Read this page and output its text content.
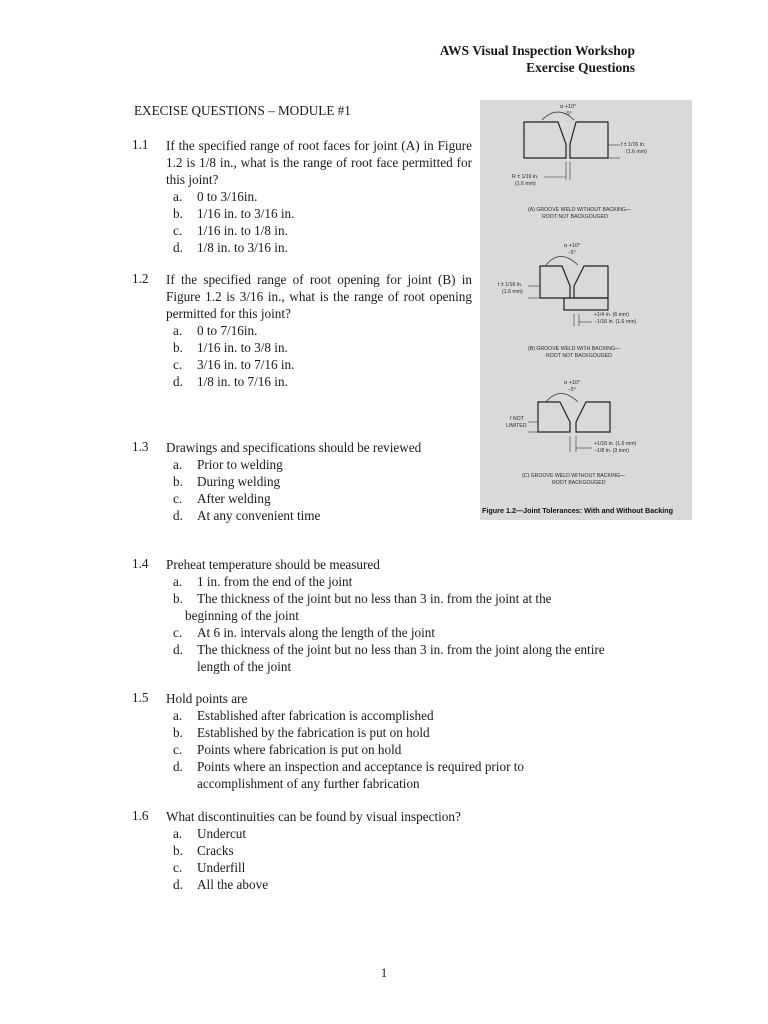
AWS Visual Inspection Workshop
Exercise Questions
EXECISE QUESTIONS – MODULE #1
1.1 If the specified range of root faces for joint (A) in Figure 1.2 is 1/8 in., what is the range of root face permitted for this joint?
a. 0 to 3/16in.
b. 1/16 in. to 3/16 in.
c. 1/16 in. to 1/8 in.
d. 1/8 in. to 3/16 in.
1.2 If the specified range of root opening for joint (B) in Figure 1.2 is 3/16 in., what is the range of root opening permitted for this joint?
a. 0 to 7/16in.
b. 1/16 in. to 3/8 in.
c. 3/16 in. to 7/16 in.
d. 1/8 in. to 7/16 in.
1.3 Drawings and specifications should be reviewed
a. Prior to welding
b. During welding
c. After welding
d. At any convenient time
1.4 Preheat temperature should be measured
a. 1 in. from the end of the joint
b. The thickness of the joint but no less than 3 in. from the joint at the
beginning of the joint
c. At 6 in. intervals along the length of the joint
d. The thickness of the joint but no less than 3 in. from the joint along the entire
length of the joint
1.5 Hold points are
a. Established after fabrication is accomplished
b. Established by the fabrication is put on hold
c. Points where fabrication is put on hold
d. Points where an inspection and acceptance is required prior to
accomplishment of any further fabrication
1.6 What discontinuities can be found by visual inspection?
a. Undercut
b. Cracks
c. Underfill
d. All the above
α +10°
−5°
f ± 1/16 in.
(1.6 mm)
R ± 1/16 in.
(1.6 mm)
(A) GROOVE WELD WITHOUT BACKING—
ROOT NOT BACKGOUGED
α +10°
−5°
f ± 1/16 in.
(1.6 mm)
+1/4 in. (6 mm)
−1/16 in. (1.6 mm)
(B) GROOVE WELD WITH BACKING—
ROOT NOT BACKGOUGED
α +10°
−5°
f NOT
LIMITED
+1/16 in. (1.6 mm)
−1/8 in. (3 mm)
(C) GROOVE WELD WITHOUT BACKING—
ROOT BACKGOUGED
Figure 1.2—Joint Tolerances: With and Without Backing
1
